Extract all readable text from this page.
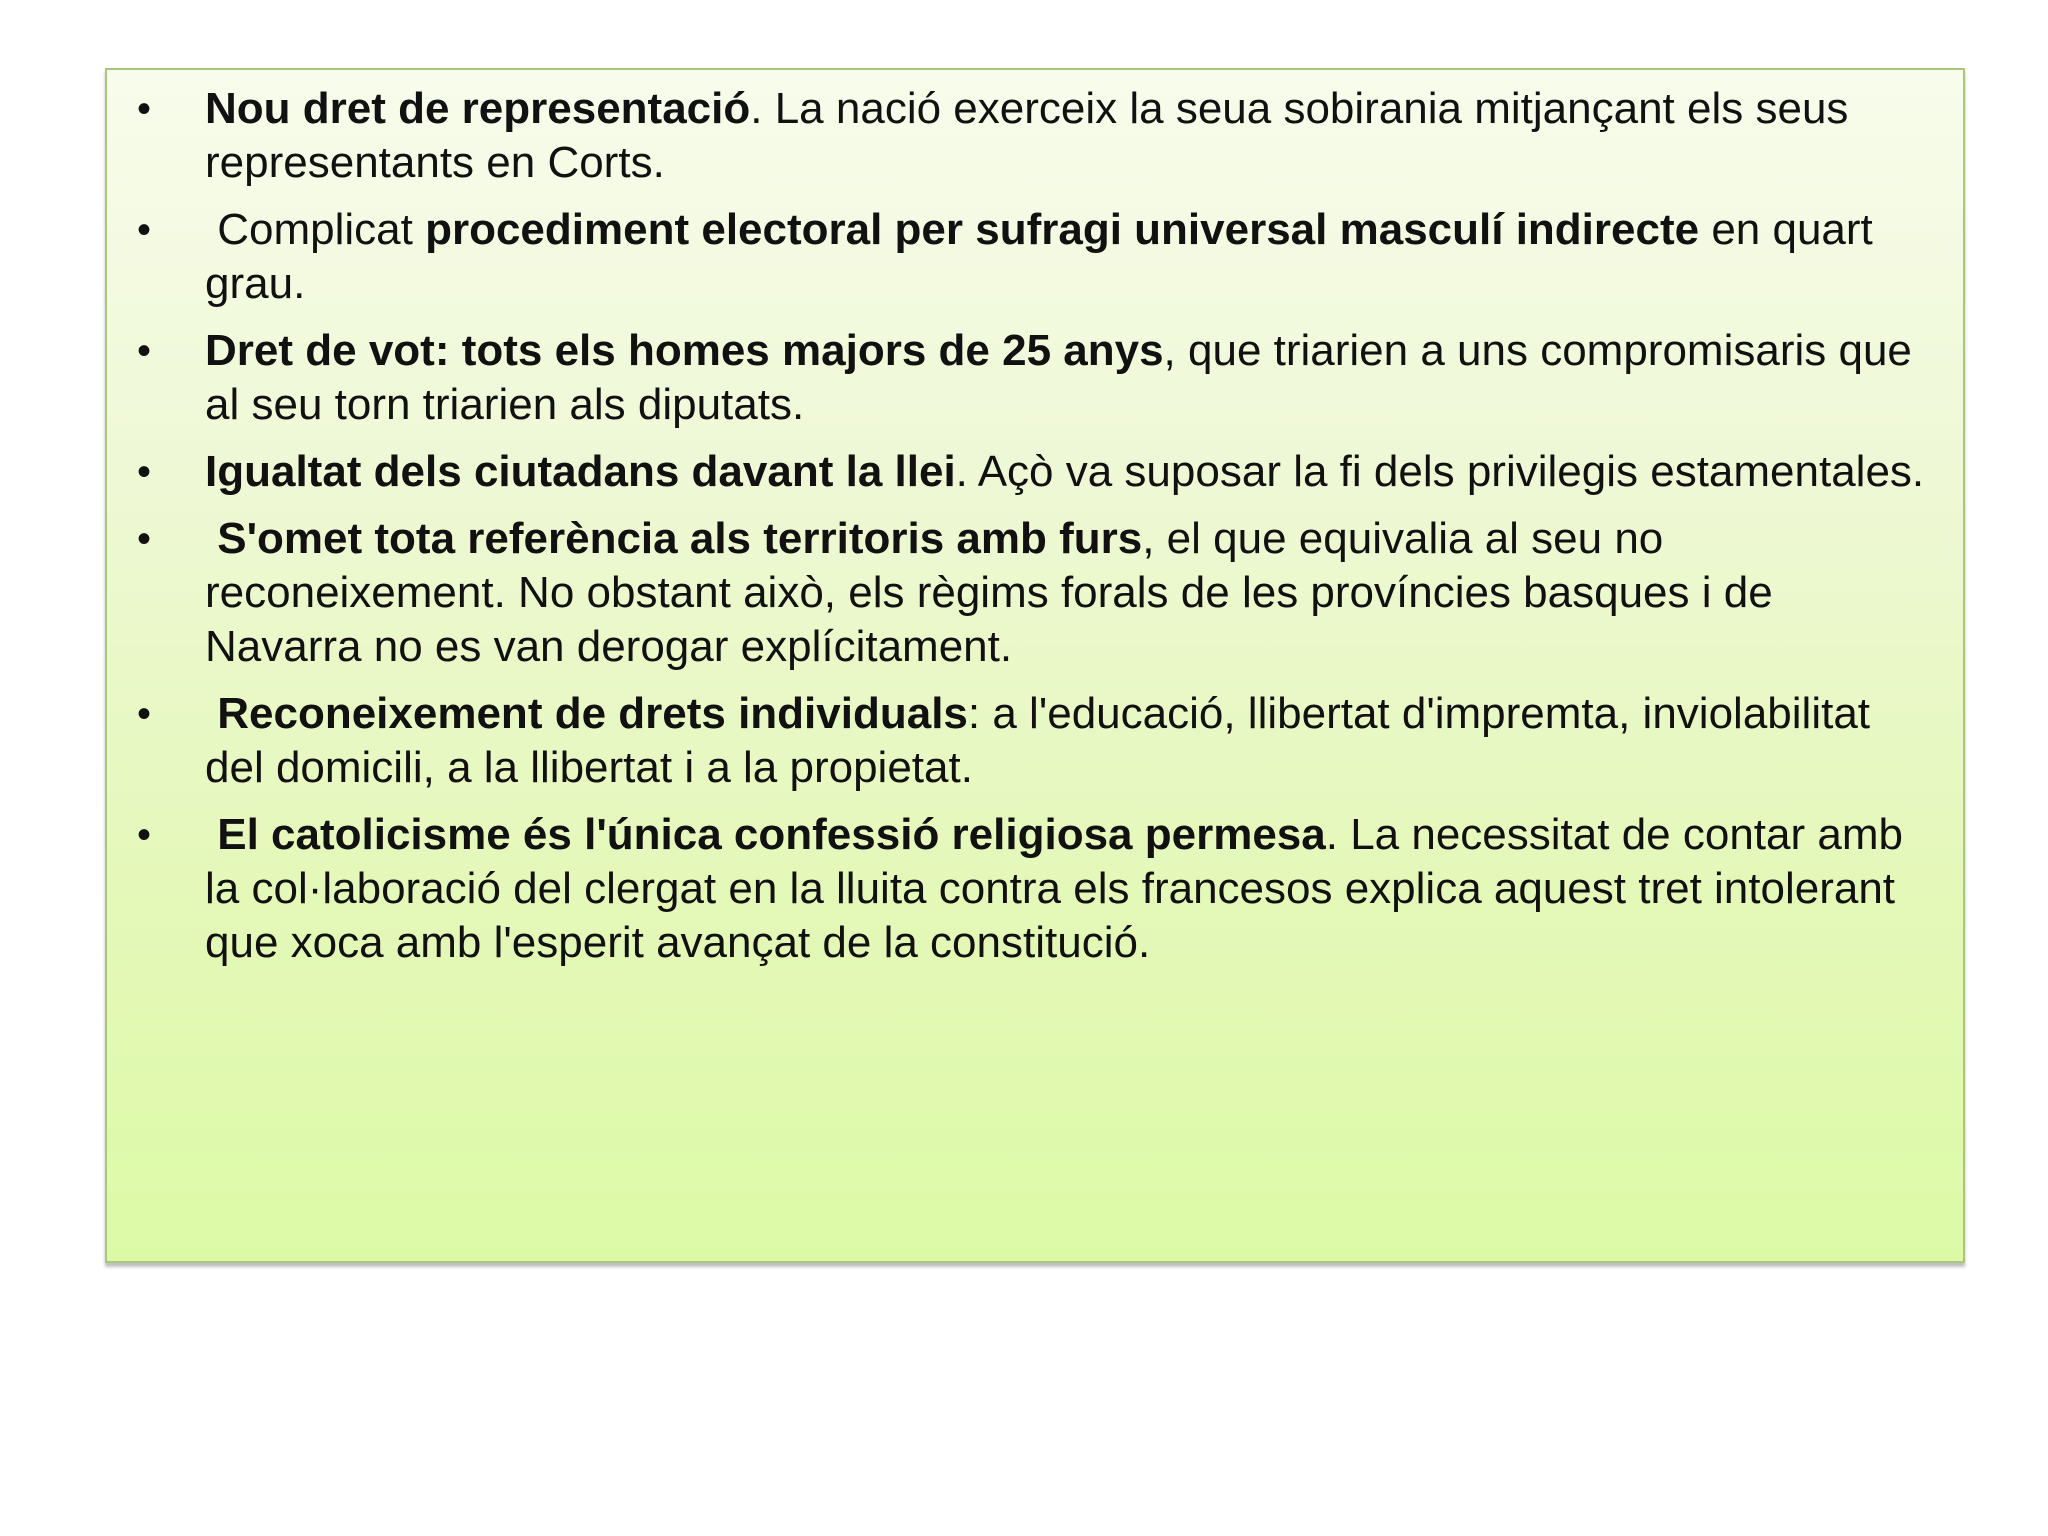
• Nou dret de representació. La nació exerceix la seua sobirania mitjançant els seus representants en Corts.
• Complicat procediment electoral per sufragi universal masculí indirecte en quart grau.
• Dret de vot: tots els homes majors de 25 anys, que triarien a uns compromisaris que al seu torn triarien als diputats.
• Igualtat dels ciutadans davant la llei. Açò va suposar la fi dels privilegis estamentales.
• S'omet tota referència als territoris amb furs, el que equivalia al seu no reconeixement. No obstant això, els règims forals de les províncies basques i de Navarra no es van derogar explícitament.
• Reconeixement de drets individuals: a l'educació, llibertat d'impremta, inviolabilitat del domicili, a la llibertat i a la propietat.
• El catolicisme és l'única confessió religiosa permesa. La necessitat de contar amb la col·laboració del clergat en la lluita contra els francesos explica aquest tret intolerant que xoca amb l'esperit avançat de la constitució.
